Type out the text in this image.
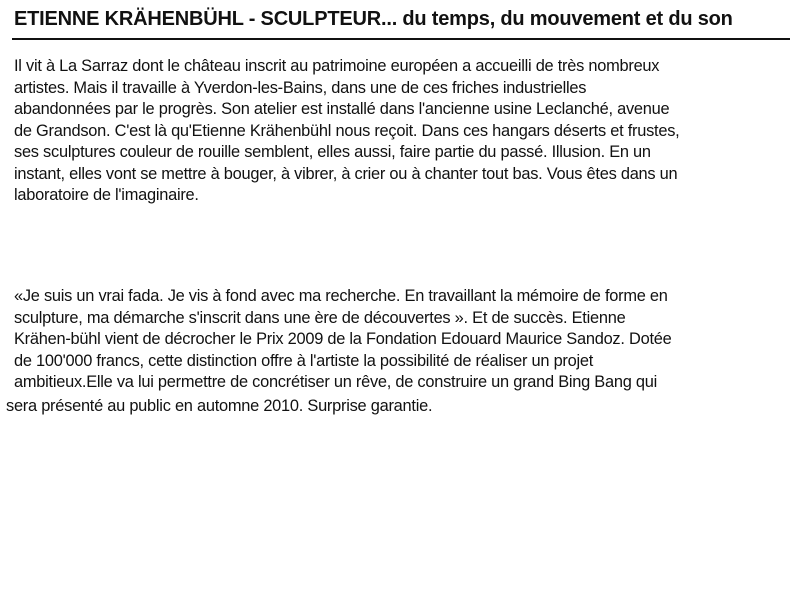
ETIENNE KRÄHENBÜHL - SCULPTEUR... du temps, du mouvement et du son
Il vit à La Sarraz dont le château inscrit au patrimoine européen a accueilli de très nombreux
artistes. Mais il travaille à Yverdon-les-Bains, dans une de ces friches industrielles
abandonnées par le progrès. Son atelier est installé dans l'ancienne usine Leclanché, avenue
de Grandson. C'est là qu'Etienne Krähenbühl nous reçoit. Dans ces hangars déserts et frustes,
ses sculptures couleur de rouille semblent, elles aussi, faire partie du passé. Illusion. En un
instant, elles vont se mettre à bouger, à vibrer, à crier ou à chanter tout bas. Vous êtes dans un
laboratoire de l'imaginaire.
«Je suis un vrai fada. Je vis à fond avec ma recherche. En travaillant la mémoire de forme en
sculpture, ma démarche s'inscrit dans une ère de découvertes ». Et de succès. Etienne
Krähen-bühl vient de décrocher le Prix 2009 de la Fondation Edouard Maurice Sandoz. Dotée
de 100'000 francs, cette distinction offre à l'artiste la possibilité de réaliser un projet
ambitieux.Elle va lui permettre de concrétiser un rêve, de construire un grand Bing Bang qui
sera présenté au public en automne 2010. Surprise garantie.
